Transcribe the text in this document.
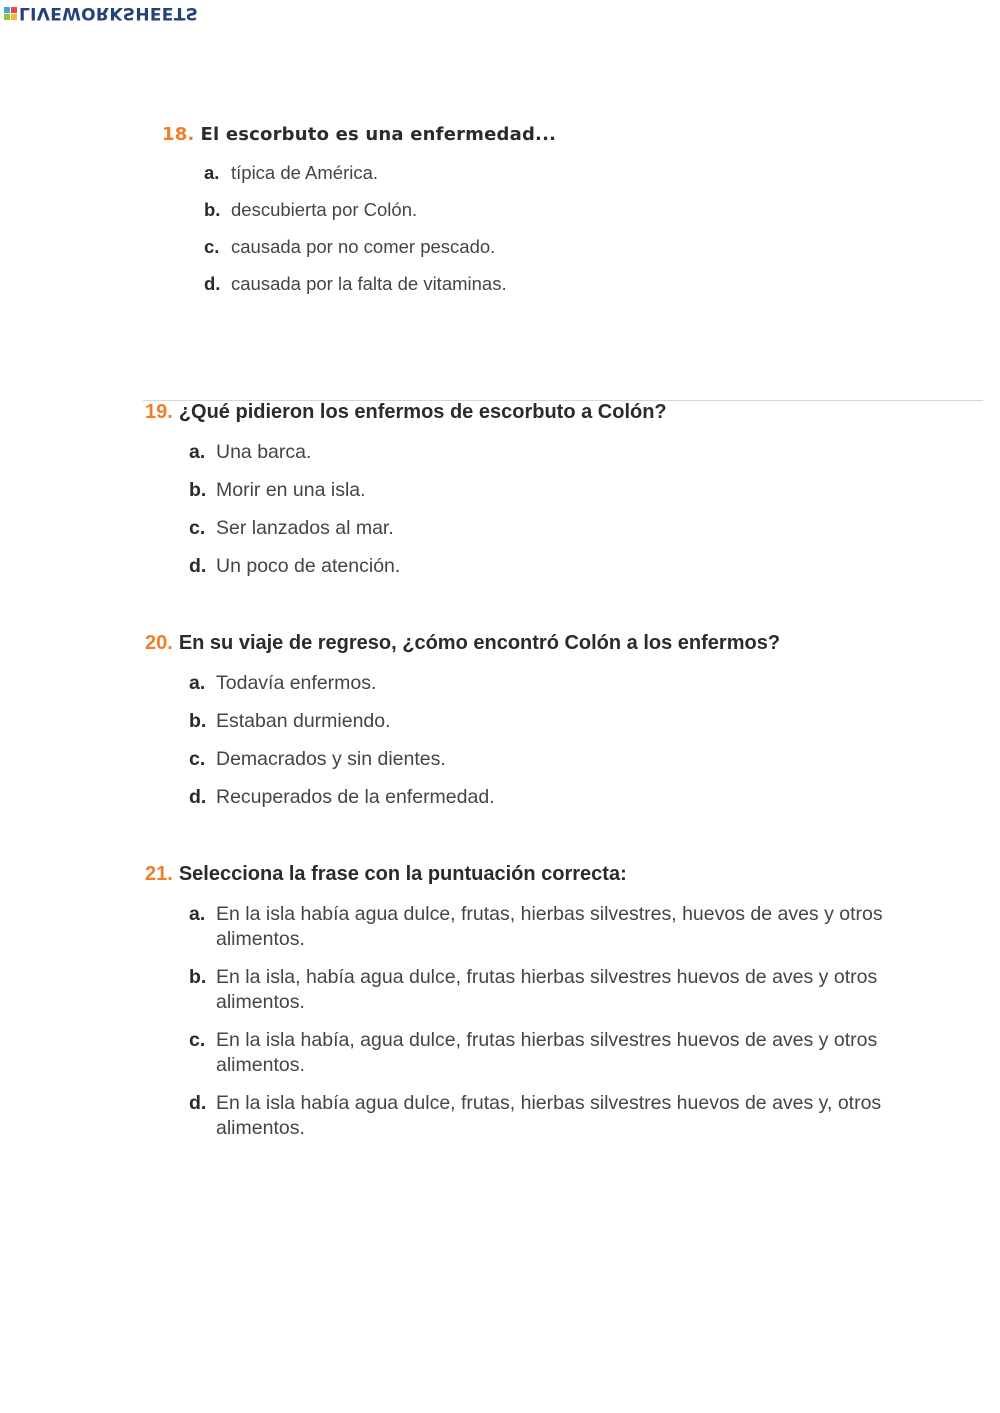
LIVEWORKSHEETS
18. El escorbuto es una enfermedad...
a. típica de América.
b. descubierta por Colón.
c. causada por no comer pescado.
d. causada por la falta de vitaminas.
19. ¿Qué pidieron los enfermos de escorbuto a Colón?
a. Una barca.
b. Morir en una isla.
c. Ser lanzados al mar.
d. Un poco de atención.
20. En su viaje de regreso, ¿cómo encontró Colón a los enfermos?
a. Todavía enfermos.
b. Estaban durmiendo.
c. Demacrados y sin dientes.
d. Recuperados de la enfermedad.
21. Selecciona la frase con la puntuación correcta:
a. En la isla había agua dulce, frutas, hierbas silvestres, huevos de aves y otros alimentos.
b. En la isla, había agua dulce, frutas hierbas silvestres huevos de aves y otros alimentos.
c. En la isla había, agua dulce, frutas hierbas silvestres huevos de aves y otros alimentos.
d. En la isla había agua dulce, frutas, hierbas silvestres huevos de aves y, otros alimentos.
